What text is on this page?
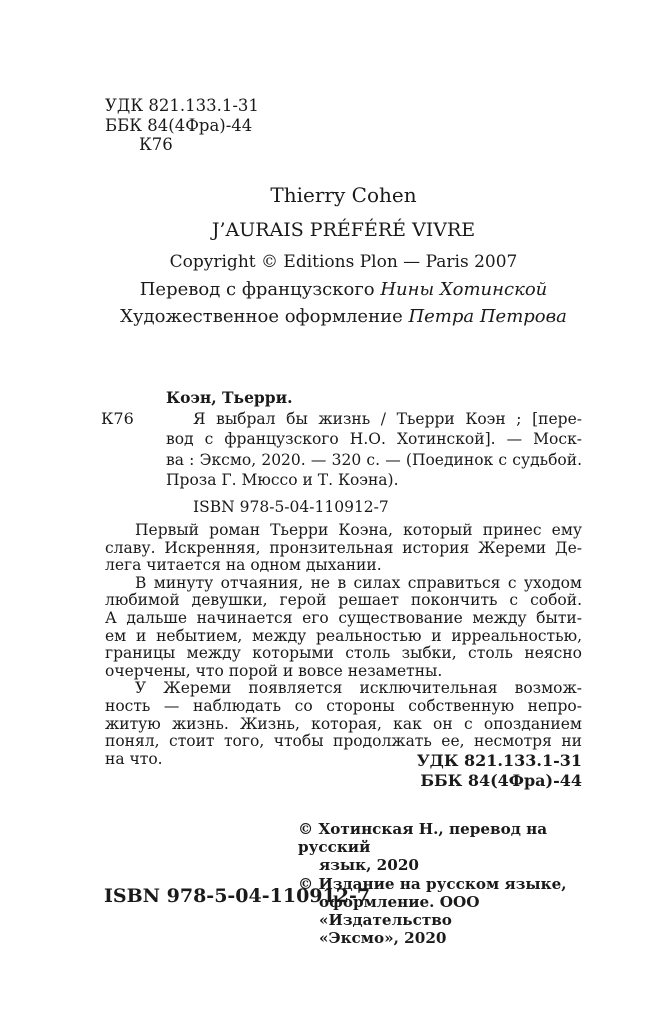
УДК 821.133.1-31
ББК 84(4Фра)-44
К76
Thierry Cohen
J’AURAIS PRÉFÉRÉ VIVRE
Copyright © Editions Plon — Paris 2007
Перевод с французского Нины Хотинской
Художественное оформление Петра Петрова
К76
Коэн, Тьерри.
Я выбрал бы жизнь / Тьерри Коэн ; [пере-
вод с французского Н.О. Хотинской]. — Моск-
ва : Эксмо, 2020. — 320 с. — (Поединок с судьбой.
Проза Г. Мюссо и Т. Коэна).
ISBN 978-5-04-110912-7
Первый роман Тьерри Коэна, который принес ему
славу. Искренняя, пронзительная история Жереми Де-
лега читается на одном дыхании.
В минуту отчаяния, не в силах справиться с уходом
любимой девушки, герой решает покончить с собой.
А дальше начинается его существование между быти-
ем и небытием, между реальностью и ирреальностью,
границы между которыми столь зыбки, столь неясно
очерчены, что порой и вовсе незаметны.
У Жереми появляется исключительная возмож-
ность — наблюдать со стороны собственную непро-
житую жизнь. Жизнь, которая, как он с опозданием
понял, стоит того, чтобы продолжать ее, несмотря ни
на что.	УДК 821.133.1-31
ББК 84(4Фра)-44
ISBN 978-5-04-110912-7
© Хотинская Н., перевод на русский
язык, 2020
© Издание на русском языке,
оформление. ООО «Издательство
«Эксмо», 2020
